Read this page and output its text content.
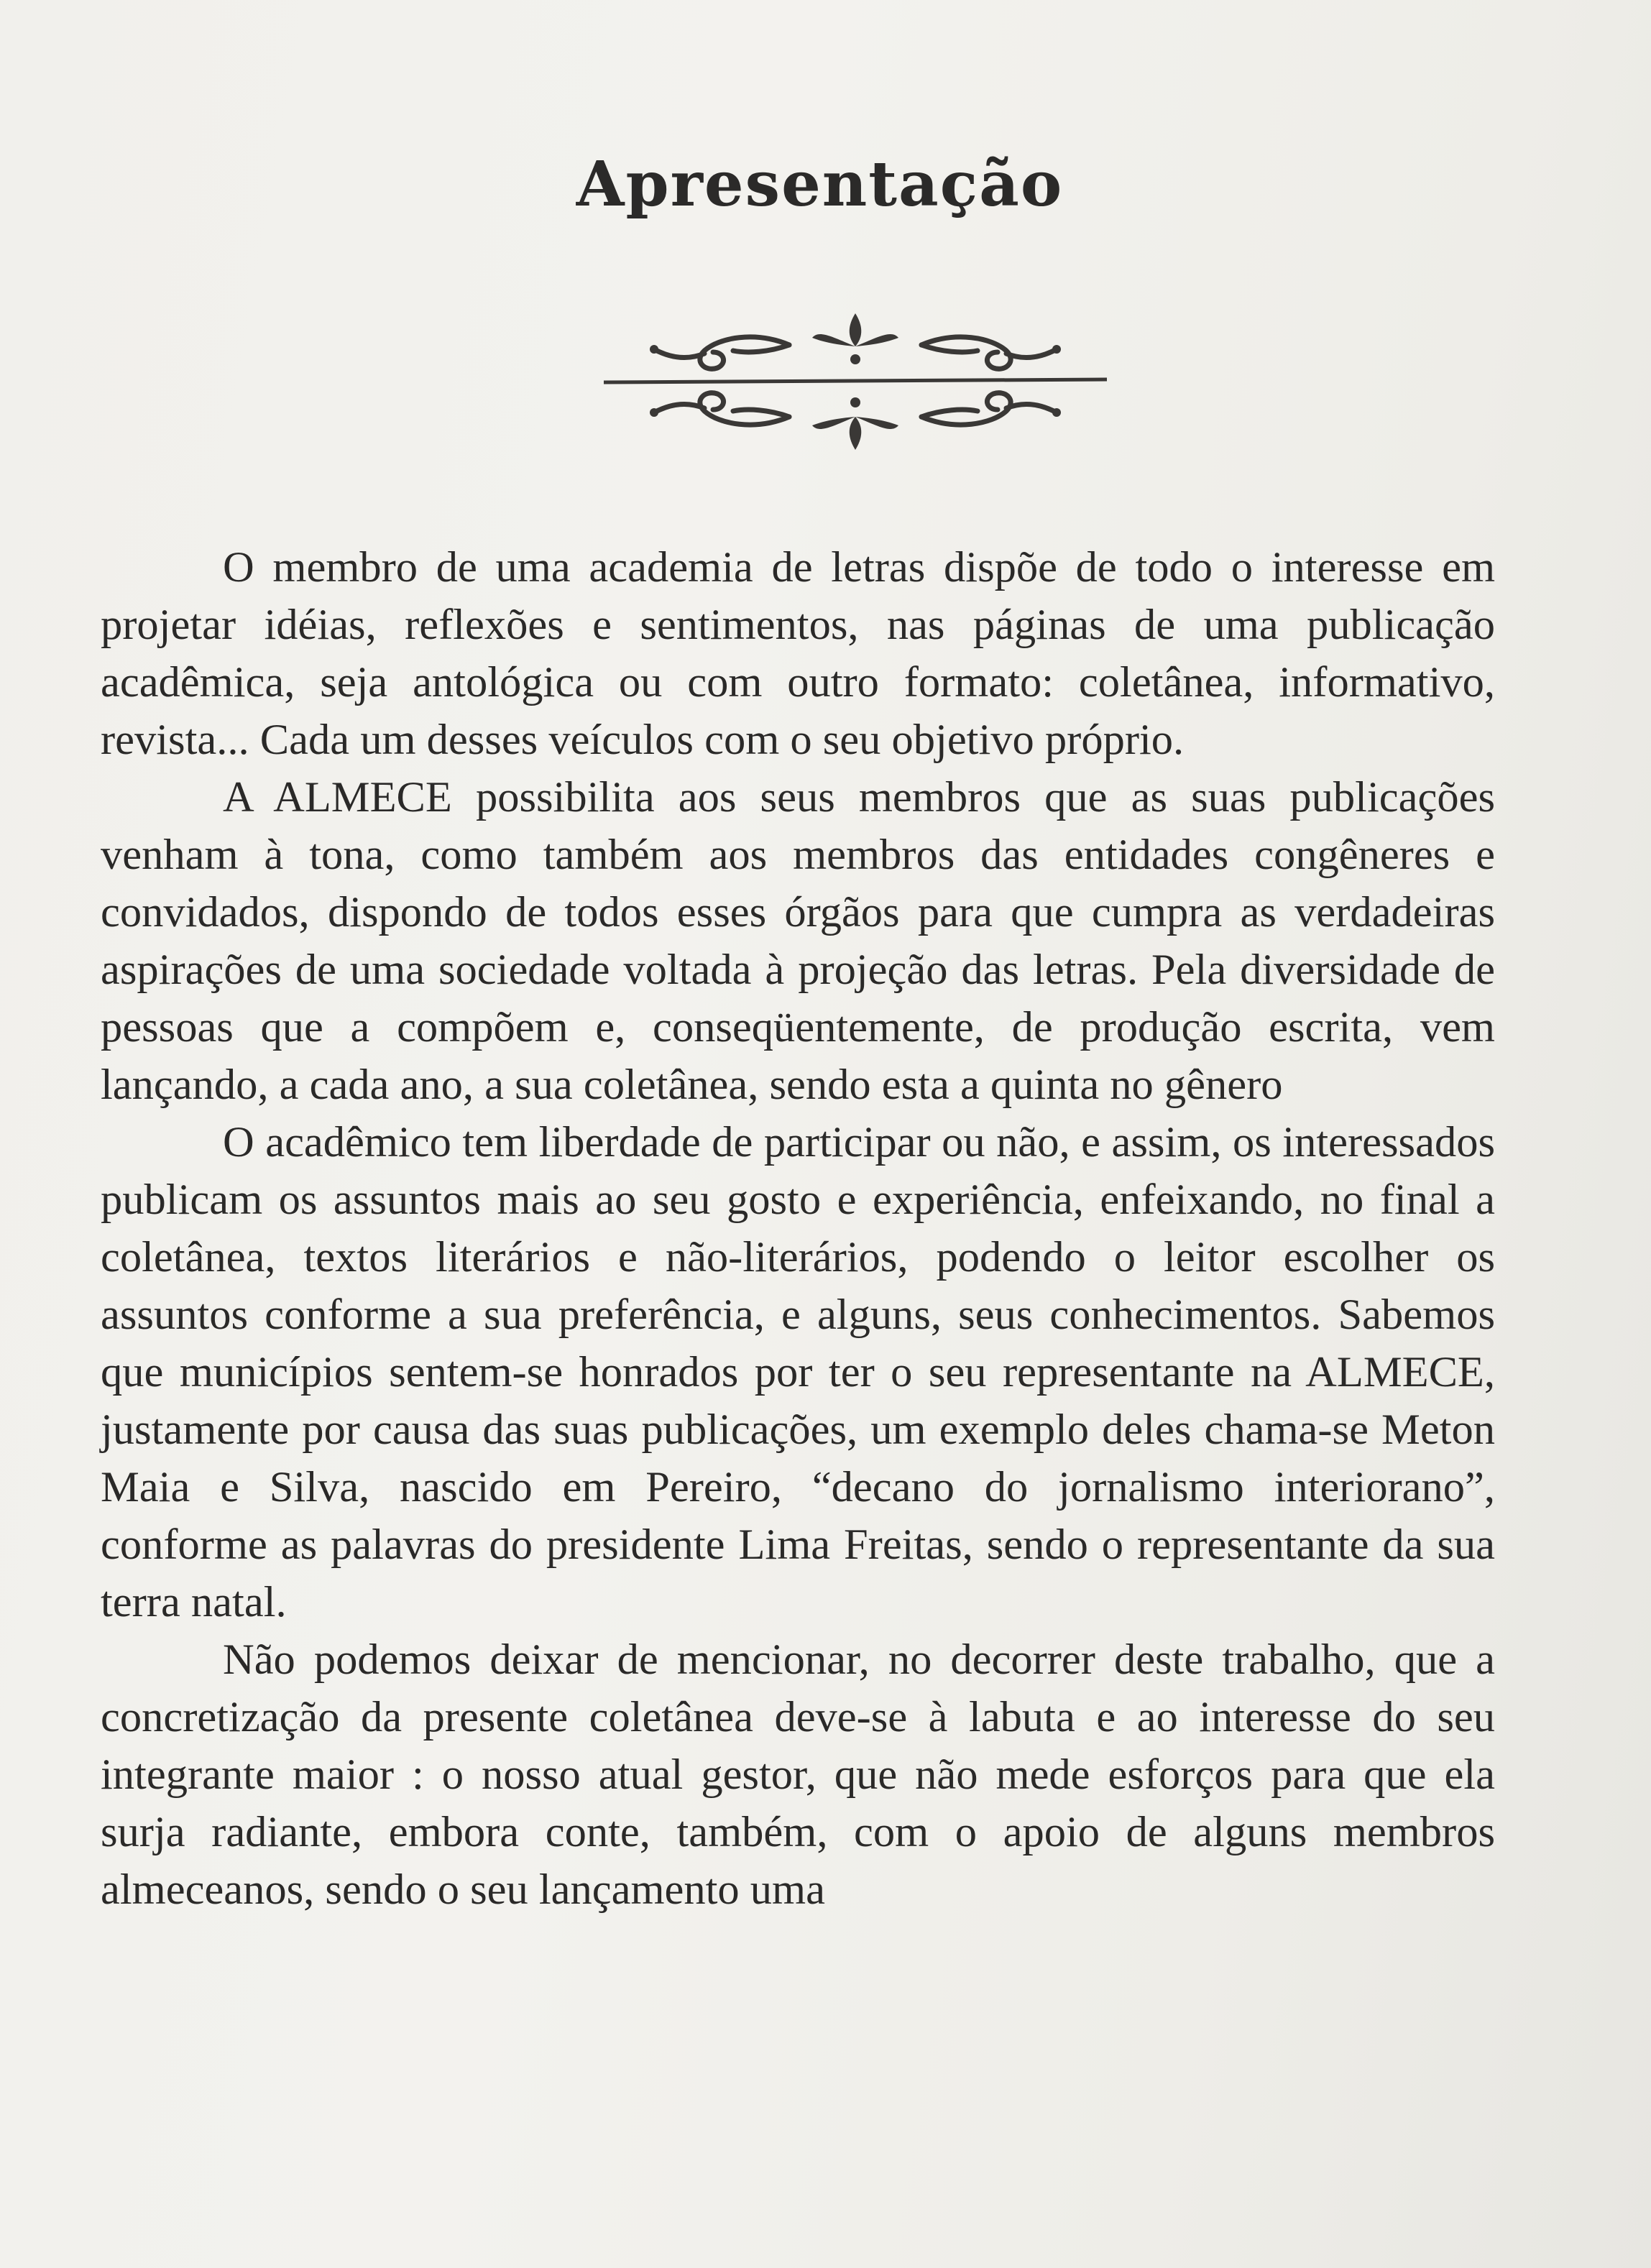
Apresentação

O membro de uma academia de letras dispõe de todo o interesse em projetar idéias, reflexões e sentimentos, nas páginas de uma publicação acadêmica, seja antológica ou com outro formato: coletânea, informativo, revista... Cada um desses veículos com o seu objetivo próprio.

A ALMECE possibilita aos seus membros que as suas publicações venham à tona, como também aos membros das entidades congêneres e convidados, dispondo de todos esses órgãos para que cumpra as verdadeiras aspirações de uma sociedade voltada à projeção das letras. Pela diversidade de pessoas que a compõem e, conseqüentemente, de produção escrita, vem lançando, a cada ano, a sua coletânea, sendo esta a quinta no gênero

O acadêmico tem liberdade de participar ou não, e assim, os interessados publicam os assuntos mais ao seu gosto e experiência, enfeixando, no final a coletânea, textos literários e não-literários, podendo o leitor escolher os assuntos conforme a sua preferência, e alguns, seus conhecimentos. Sabemos que municípios sentem-se honrados por ter o seu representante na ALMECE, justamente por causa das suas publicações, um exemplo deles chama-se Meton Maia e Silva, nascido em Pereiro, “decano do jornalismo interiorano”, conforme as palavras do presidente Lima Freitas, sendo o representante da sua terra natal.

Não podemos deixar de mencionar, no decorrer deste trabalho, que a concretização da presente coletânea deve-se à labuta e ao interesse do seu integrante maior : o nosso atual gestor, que não mede esforços para que ela surja radiante, embora conte, também, com o apoio de alguns membros almeceanos, sendo o seu lançamento uma
